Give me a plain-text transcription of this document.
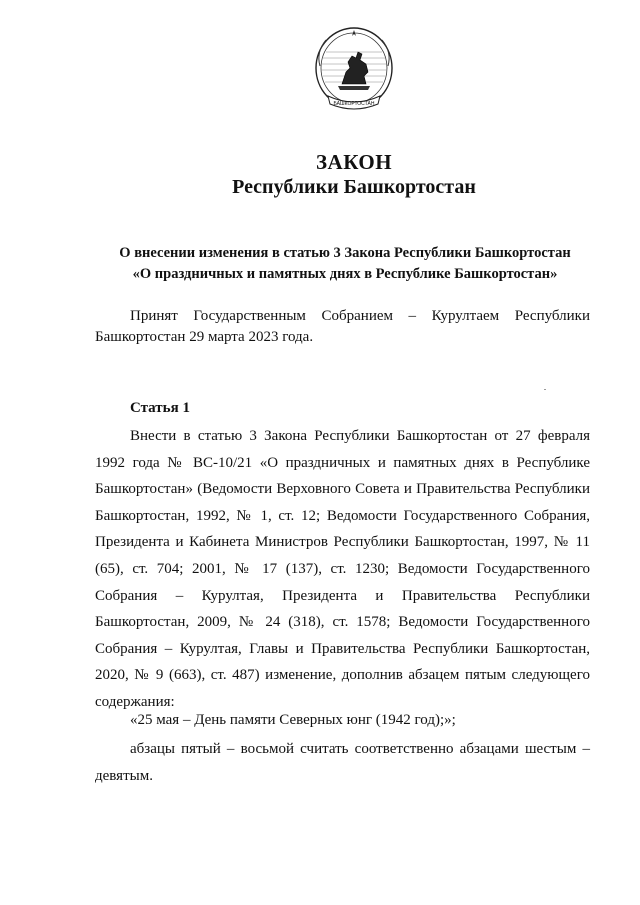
БАШКОРТОСТАН
ЗАКОН
Республики Башкортостан
О внесении изменения в статью 3 Закона Республики Башкортостан
«О праздничных и памятных днях в Республике Башкортостан»
Принят Государственным Собранием – Курултаем Республики Башкортостан 29 марта 2023 года.
Статья 1

Внести в статью 3 Закона Республики Башкортостан от 27 февраля 1992 года № ВС-10/21 «О праздничных и памятных днях в Республике Башкортостан» (Ведомости Верховного Совета и Правительства Республики Башкортостан, 1992, № 1, ст. 12; Ведомости Государственного Собрания, Президента и Кабинета Министров Республики Башкортостан, 1997, № 11 (65), ст. 704; 2001, № 17 (137), ст. 1230; Ведомости Государственного Собрания – Курултая, Президента и Правительства Республики Башкортостан, 2009, № 24 (318), ст. 1578; Ведомости Государственного Собрания – Курултая, Главы и Правительства Республики Башкортостан, 2020, № 9 (663), ст. 487) изменение, дополнив абзацем пятым следующего содержания:

«25 мая – День памяти Северных юнг (1942 год);»;

абзацы пятый – восьмой считать соответственно абзацами шестым – девятым.
